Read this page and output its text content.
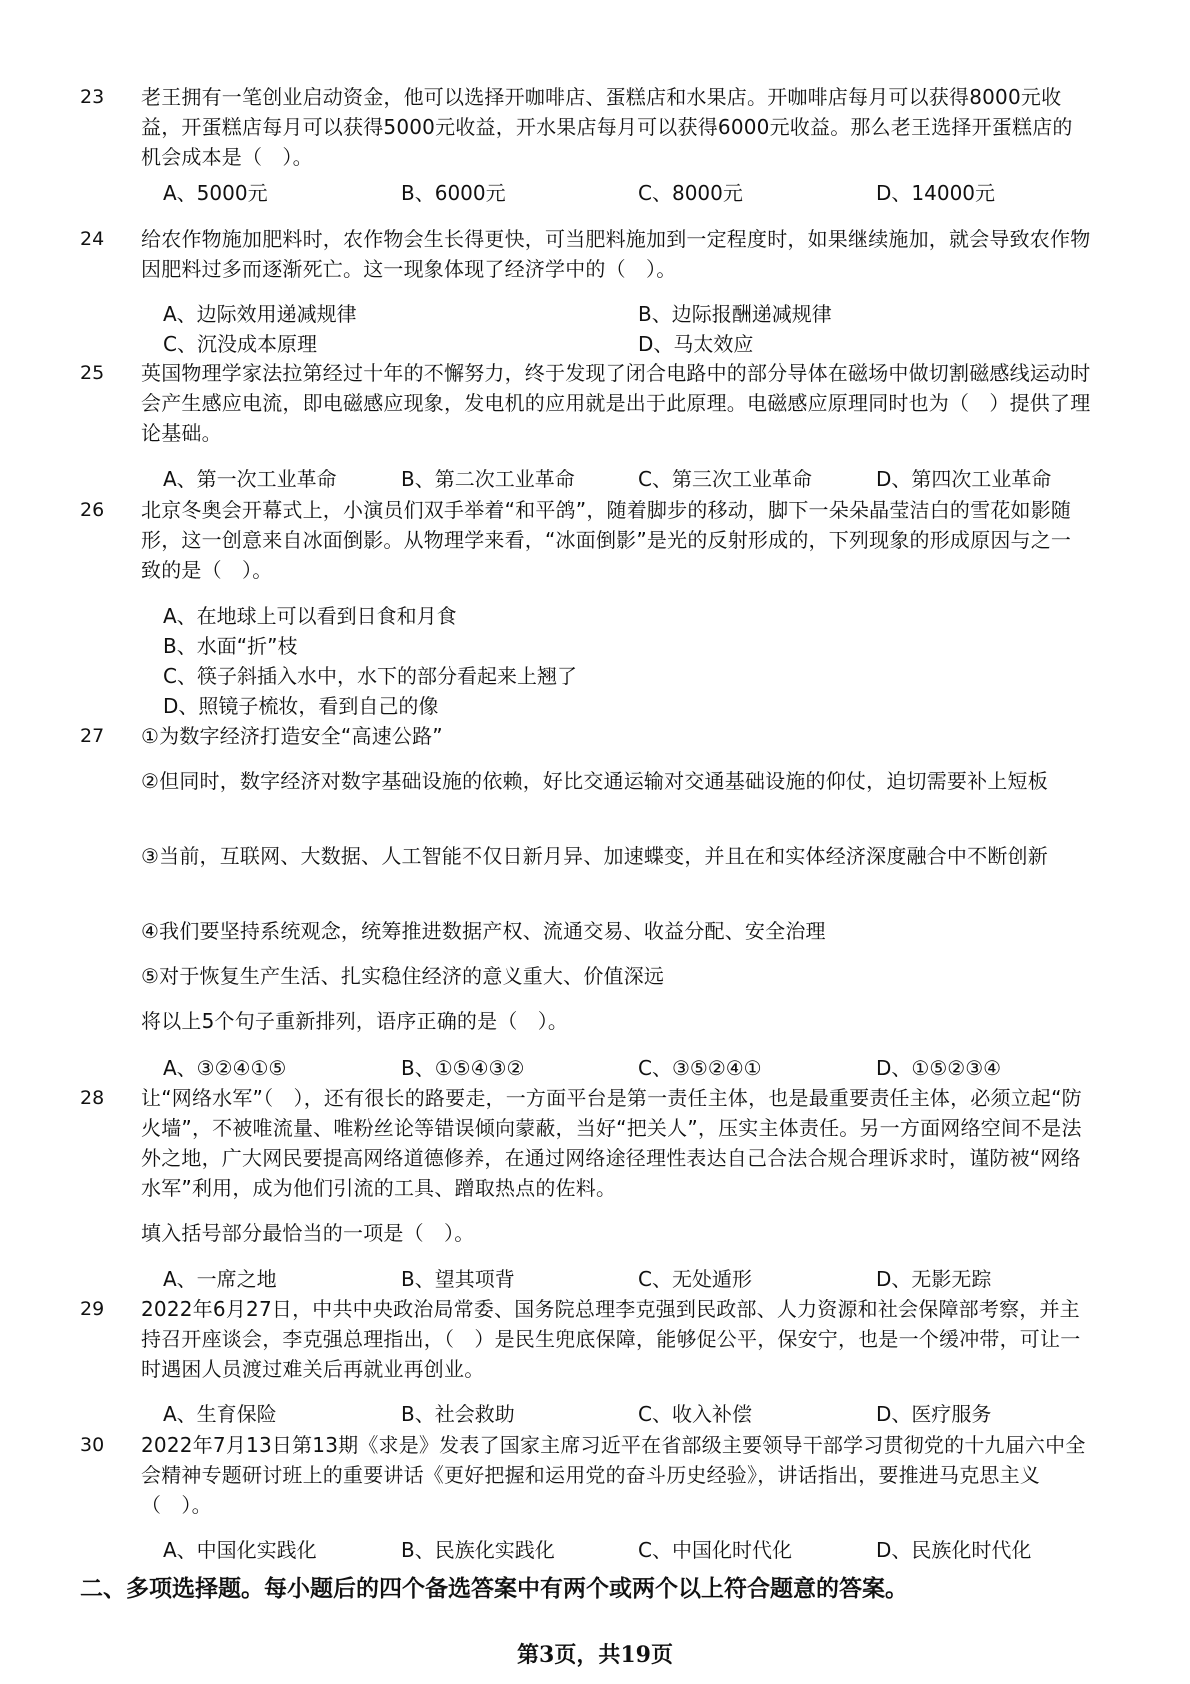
23 老王拥有一笔创业启动资金，他可以选择开咖啡店、蛋糕店和水果店。开咖啡店每月可以获得8000元收益，开蛋糕店每月可以获得5000元收益，开水果店每月可以获得6000元收益。那么老王选择开蛋糕店的机会成本是（　）。
A、5000元	B、6000元	C、8000元	D、14000元
24 给农作物施加肥料时，农作物会生长得更快，可当肥料施加到一定程度时，如果继续施加，就会导致农作物因肥料过多而逐渐死亡。这一现象体现了经济学中的（　）。
A、边际效用递减规律	B、边际报酬递减规律
C、沉没成本原理	D、马太效应
25 英国物理学家法拉第经过十年的不懈努力，终于发现了闭合电路中的部分导体在磁场中做切割磁感线运动时会产生感应电流，即电磁感应现象，发电机的应用就是出于此原理。电磁感应原理同时也为（　）提供了理论基础。
A、第一次工业革命	B、第二次工业革命	C、第三次工业革命	D、第四次工业革命
26 北京冬奥会开幕式上，小演员们双手举着“和平鸽”，随着脚步的移动，脚下一朵朵晶莹洁白的雪花如影随形，这一创意来自冰面倒影。从物理学来看，“冰面倒影”是光的反射形成的，下列现象的形成原因与之一致的是（　）。
A、在地球上可以看到日食和月食
B、水面“折”枝
C、筷子斜插入水中，水下的部分看起来上翘了
D、照镜子梳妆，看到自己的像
27 ①为数字经济打造安全“高速公路”
②但同时，数字经济对数字基础设施的依赖，好比交通运输对交通基础设施的仰仗，迫切需要补上短板
③当前，互联网、大数据、人工智能不仅日新月异、加速蝶变，并且在和实体经济深度融合中不断创新
④我们要坚持系统观念，统筹推进数据产权、流通交易、收益分配、安全治理
⑤对于恢复生产生活、扎实稳住经济的意义重大、价值深远
将以上5个句子重新排列，语序正确的是（　）。
A、③②④①⑤	B、①⑤④③②	C、③⑤②④①	D、①⑤②③④
28 让“网络水军”（　），还有很长的路要走，一方面平台是第一责任主体，也是最重要责任主体，必须立起“防火墙”，不被唯流量、唯粉丝论等错误倾向蒙蔽，当好“把关人”，压实主体责任。另一方面网络空间不是法外之地，广大网民要提高网络道德修养，在通过网络途径理性表达自己合法合规合理诉求时，谨防被“网络水军”利用，成为他们引流的工具、蹭取热点的佐料。
填入括号部分最恰当的一项是（　）。
A、一席之地	B、望其项背	C、无处遁形	D、无影无踪
29 2022年6月27日，中共中央政治局常委、国务院总理李克强到民政部、人力资源和社会保障部考察，并主持召开座谈会，李克强总理指出，（　）是民生兜底保障，能够促公平，保安宁，也是一个缓冲带，可让一时遇困人员渡过难关后再就业再创业。
A、生育保险	B、社会救助	C、收入补偿	D、医疗服务
30 2022年7月13日第13期《求是》发表了国家主席习近平在省部级主要领导干部学习贯彻党的十九届六中全会精神专题研讨班上的重要讲话《更好把握和运用党的奋斗历史经验》，讲话指出，要推进马克思主义（　）。
A、中国化实践化	B、民族化实践化	C、中国化时代化	D、民族化时代化
二、多项选择题。每小题后的四个备选答案中有两个或两个以上符合题意的答案。
第3页，共19页
